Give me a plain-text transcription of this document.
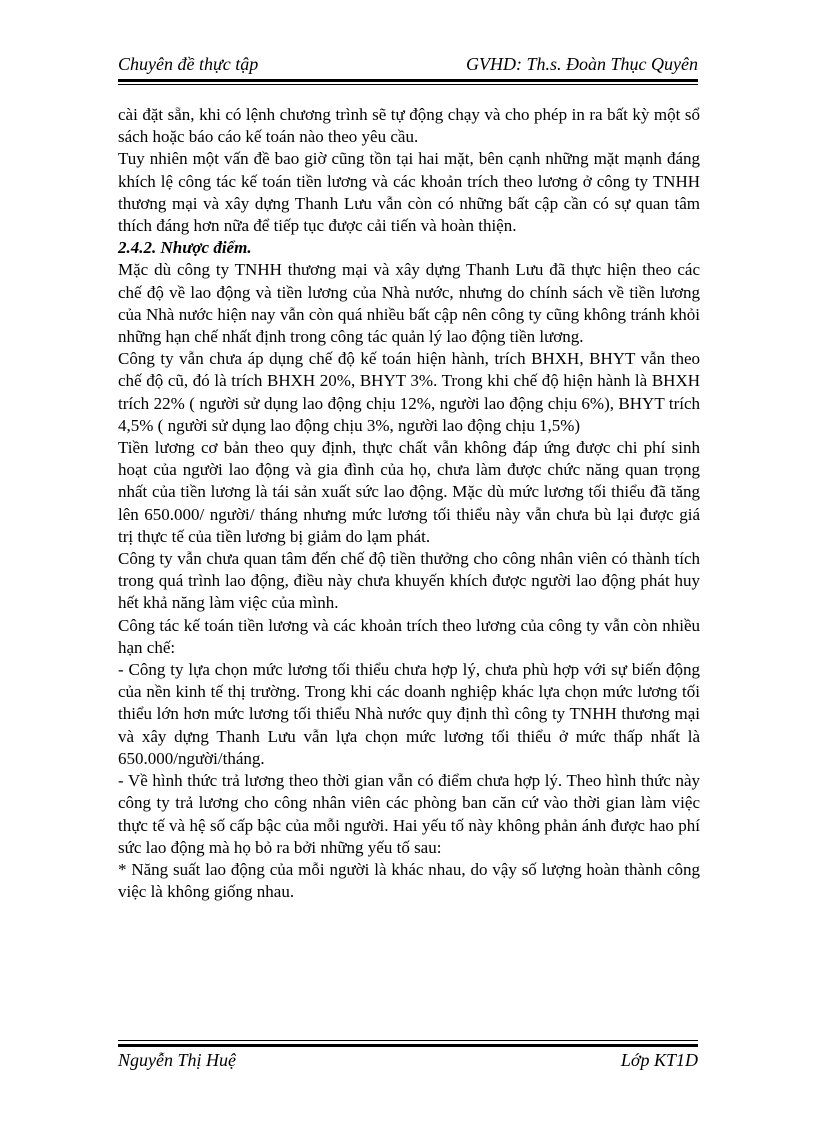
Chuyên đề thực tập	GVHD: Th.s. Đoàn Thục Quyên

cài đặt sẵn, khi có lệnh chương trình sẽ tự động chạy và cho phép in ra bất kỳ một sổ sách hoặc báo cáo kế toán nào theo yêu cầu.

Tuy nhiên một vấn đề bao giờ cũng tồn tại hai mặt, bên cạnh những mặt mạnh đáng khích lệ công tác kế toán tiền lương và các khoản trích theo lương ở công ty TNHH thương mại và xây dựng Thanh Lưu vẫn còn có những bất cập cần có sự quan tâm thích đáng hơn nữa để tiếp tục được cải tiến và hoàn thiện.

2.4.2. Nhược điểm.

Mặc dù công ty TNHH thương mại và xây dựng Thanh Lưu đã thực hiện theo các chế độ về lao động và tiền lương của Nhà nước, nhưng do chính sách về tiền lương của Nhà nước hiện nay vẫn còn quá nhiều bất cập nên công ty cũng không tránh khỏi những hạn chế nhất định trong công tác quản lý lao động tiền lương.

Công ty vẫn chưa áp dụng chế độ kế toán hiện hành, trích BHXH, BHYT vẫn theo chế độ cũ, đó là trích BHXH 20%, BHYT 3%. Trong khi chế độ hiện hành là BHXH trích 22% ( người sử dụng lao động chịu 12%, người lao động chịu 6%), BHYT trích 4,5% ( người sử dụng lao động chịu 3%, người lao động chịu 1,5%)

Tiền lương cơ bản theo quy định, thực chất vẫn không đáp ứng được chi phí sinh hoạt của người lao động và gia đình của họ, chưa làm được chức năng quan trọng nhất của tiền lương là tái sản xuất sức lao động. Mặc dù mức lương tối thiểu đã tăng lên 650.000/ người/ tháng nhưng mức lương tối thiểu này vẫn chưa bù lại được giá trị thực tế của tiền lương bị giảm do lạm phát.

Công ty vẫn chưa quan tâm đến chế độ tiền thưởng cho công nhân viên có thành tích trong quá trình lao động, điều này chưa khuyến khích được người lao động phát huy hết khả năng làm việc của mình.

Công tác kế toán tiền lương và các khoản trích theo lương của công ty vẫn còn nhiều hạn chế:

- Công ty lựa chọn mức lương tối thiểu chưa hợp lý, chưa phù hợp với sự biến động của nền kinh tế thị trường. Trong khi các doanh nghiệp khác lựa chọn mức lương tối thiểu lớn hơn mức lương tối thiểu Nhà nước quy định thì công ty TNHH thương mại và xây dựng Thanh Lưu vẫn lựa chọn mức lương tối thiểu ở mức thấp nhất là 650.000/người/tháng.

- Về hình thức trả lương theo thời gian vẫn có điểm chưa hợp lý. Theo hình thức này công ty trả lương cho công nhân viên các phòng ban căn cứ vào thời gian làm việc thực tế và hệ số cấp bậc của mỗi người. Hai yếu tố này không phản ánh được hao phí sức lao động mà họ bỏ ra bởi những yếu tố sau:

* Năng suất lao động của mỗi người là khác nhau, do vậy số lượng hoàn thành công việc là không giống nhau.

Nguyễn Thị Huệ	Lớp KT1D
